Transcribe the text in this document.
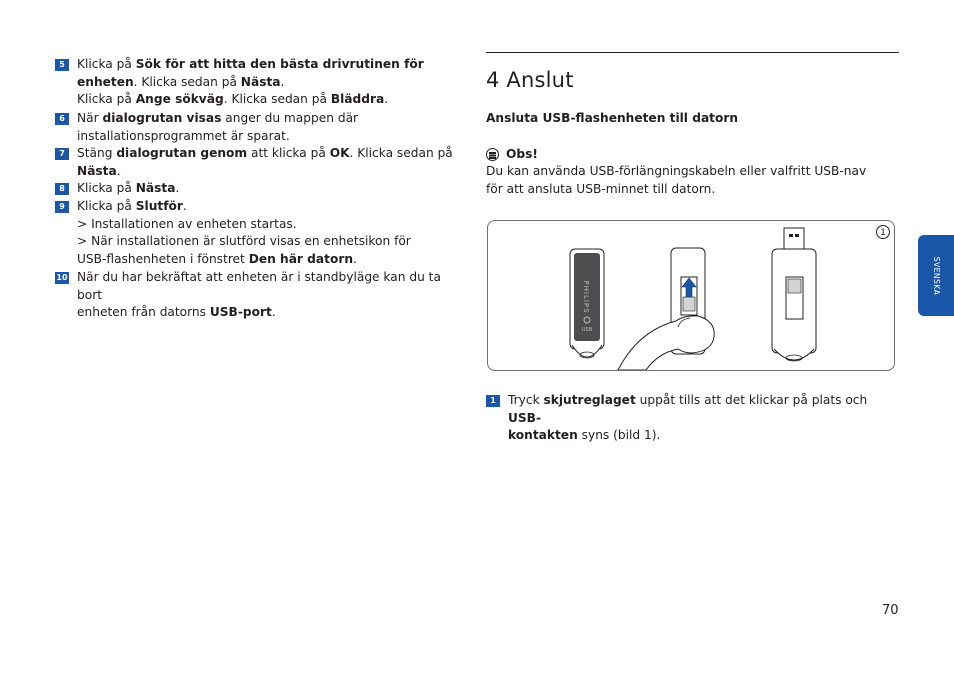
5	Klicka på Sök för att hitta den bästa drivrutinen för
enheten. Klicka sedan på Nästa.
Klicka på Ange sökväg. Klicka sedan på Bläddra.
6	När dialogrutan visas anger du mappen där
installationsprogrammet är sparat.
7	Stäng dialogrutan genom att klicka på OK. Klicka sedan på
Nästa.
8	Klicka på Nästa.
9	Klicka på Slutför.
> Installationen av enheten startas.
> När installationen är slutförd visas en enhetsikon för
USB-flashenheten i fönstret Den här datorn.
10 När du har bekräftat att enheten är i standbyläge kan du ta bort
enheten från datorns USB-port.
4 Anslut
Ansluta USB-flashenheten till datorn
Obs!
Du kan använda USB-förlängningskabeln eller valfritt USB-nav
för att ansluta USB-minnet till datorn.
PHILIPS
USB
1
1	Tryck skjutreglaget uppåt tills att det klickar på plats och USB-
kontakten syns (bild 1).
SVENSKA
70
